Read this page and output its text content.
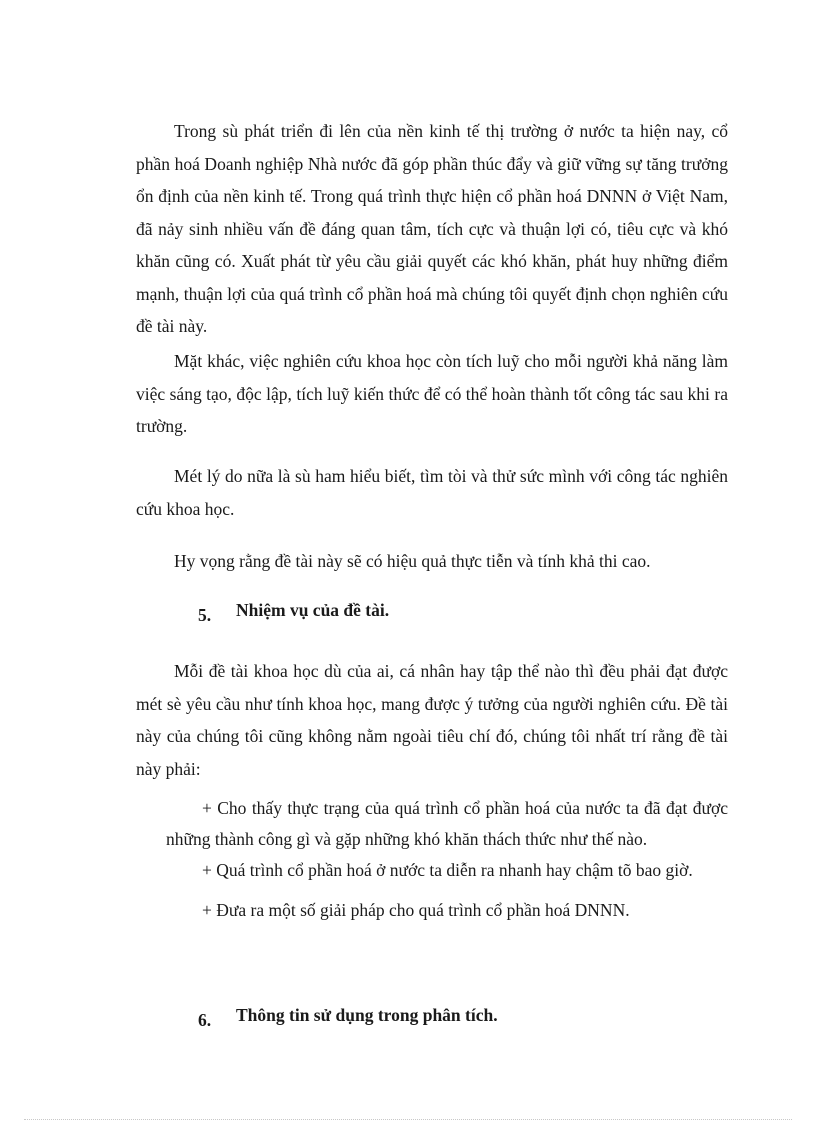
Trong sù phát triển đi lên của nền kinh tế thị trường ở nước ta hiện nay, cổ phần hoá Doanh nghiệp Nhà nước đã góp phần thúc đẩy và giữ vững sự tăng trưởng ổn định của nền kinh tế. Trong quá trình thực hiện cổ phần hoá DNNN ở Việt Nam, đã nảy sinh nhiều vấn đề đáng quan tâm, tích cực và thuận lợi có, tiêu cực và khó khăn cũng có. Xuất phát từ yêu cầu giải quyết các khó khăn, phát huy những điểm mạnh, thuận lợi của quá trình cổ phần hoá mà chúng tôi quyết định chọn nghiên cứu đề tài này.

Mặt khác, việc nghiên cứu khoa học còn tích luỹ cho mỗi người khả năng làm việc sáng tạo, độc lập, tích luỹ kiến thức để có thể hoàn thành tốt công tác sau khi ra trường.

Mét lý do nữa là sù ham hiểu biết, tìm tòi và thử sức mình với công tác nghiên cứu khoa học.

Hy vọng rằng đề tài này sẽ có hiệu quả thực tiễn và tính khả thi cao.

5. Nhiệm vụ của đề tài.

Mỗi đề tài khoa học dù của ai, cá nhân hay tập thể nào thì đều phải đạt được mét sè yêu cầu như tính khoa học, mang được ý tưởng của người nghiên cứu. Đề tài này của chúng tôi cũng không nằm ngoài tiêu chí đó, chúng tôi nhất trí rằng đề tài này phải:

+ Cho thấy thực trạng của quá trình cổ phần hoá của nước ta đã đạt được những thành công gì và gặp những khó khăn thách thức như thế nào.
+ Quá trình cổ phần hoá ở nước ta diễn ra nhanh hay chậm tõ bao giờ.
+ Đưa ra một số giải pháp cho quá trình cổ phần hoá DNNN.
6. Thông tin sử dụng trong phân tích.
